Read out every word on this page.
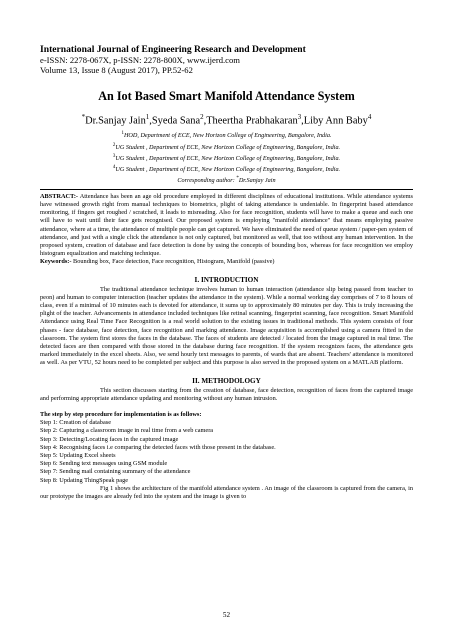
International Journal of Engineering Research and Development
e-ISSN: 2278-067X, p-ISSN: 2278-800X, www.ijerd.com
Volume 13, Issue 8 (August 2017), PP.52-62
An Iot Based Smart Manifold Attendance System
*Dr.Sanjay Jain$^1$,Syeda Sana$^2$,Theertha Prabhakaran$^3$,Liby Ann Baby$^4$
$^1$HOD, Department of ECE, New Horizon College of Engineering, Bangalore, India.
$^2$UG Student , Department of ECE, New Horizon College of Engineering, Bangalore, India.
$^3$UG Student , Department of ECE, New Horizon College of Engineering, Bangalore, India.
$^4$UG Student , Department of ECE, New Horizon College of Engineering, Bangalore, India.
Corresponding author: *Dr.Sanjay Jain
ABSTRACT:- Attendance has been an age old procedure employed in different disciplines of educational institutions. While attendance systems have witnessed growth right from manual techniques to biometrics, plight of taking attendance is undeniable. In fingerprint based attendance monitoring, if fingers get roughed / scratched, it leads to misreading. Also for face recognition, students will have to make a queue and each one will have to wait until their face gets recognised. Our proposed system is employing "manifold attendance" that means employing passive attendance, where at a time, the attendance of multiple people can get captured. We have eliminated the need of queue system / paper-pen system of attendance, and just with a single click the attendance is not only captured, but monitored as well, that too without any human intervention. In the proposed system, creation of database and face detection is done by using the concepts of bounding box, whereas for face recognition we employ histogram equalization and matching technique.
Keywords:- Bounding box, Face detection, Face recognition, Histogram, Manifold (passive)
I. INTRODUCTION
The traditional attendance technique involves human to human interaction (attendance slip being passed from teacher to peon) and human to computer interaction (teacher updates the attendance in the system). While a normal working day comprises of 7 to 8 hours of class, even if a minimal of 10 minutes each is devoted for attendance, it sums up to approximately 80 minutes per day. This is truly increasing the plight of the teacher. Advancements in attendance included techniques like retinal scanning, fingerprint scanning, face recognition. Smart Manifold Attendance using Real Time Face Recognition is a real world solution to the existing issues in traditional methods. This system consists of four phases - face database, face detection, face recognition and marking attendance. Image acquisition is accomplished using a camera fitted in the classroom. The system first stores the faces in the database. The faces of students are detected / located from the image captured in real time. The detected faces are then compared with those stored in the database during face recognition. If the system recognizes faces, the attendance gets marked immediately in the excel sheets. Also, we send hourly text messages to parents, of wards that are absent. Teachers' attendance is monitored as well. As per VTU, 52 hours need to be completed per subject and this purpose is also served in the proposed system on a MATLAB platform.
II. METHODOLOGY
This section discusses starting from the creation of database, face detection, recognition of faces from the captured image and performing appropriate attendance updating and monitoring without any human intrusion.
The step by step procedure for implementation is as follows:
Step 1: Creation of database
Step 2: Capturing a classroom image in real time from a web camera
Step 3: Detecting/Locating faces in the captured image
Step 4: Recognising faces i.e comparing the detected faces with those present in the database.
Step 5: Updating Excel sheets
Step 6: Sending text messages using GSM module
Step 7: Sending mail containing summary of the attendance
Step 8: Updating ThingSpeak page
Fig 1 shows the architecture of the manifold attendance system . An image of the classroom is captured from the camera, in our prototype the images are already fed into the system and the image is given to
52
